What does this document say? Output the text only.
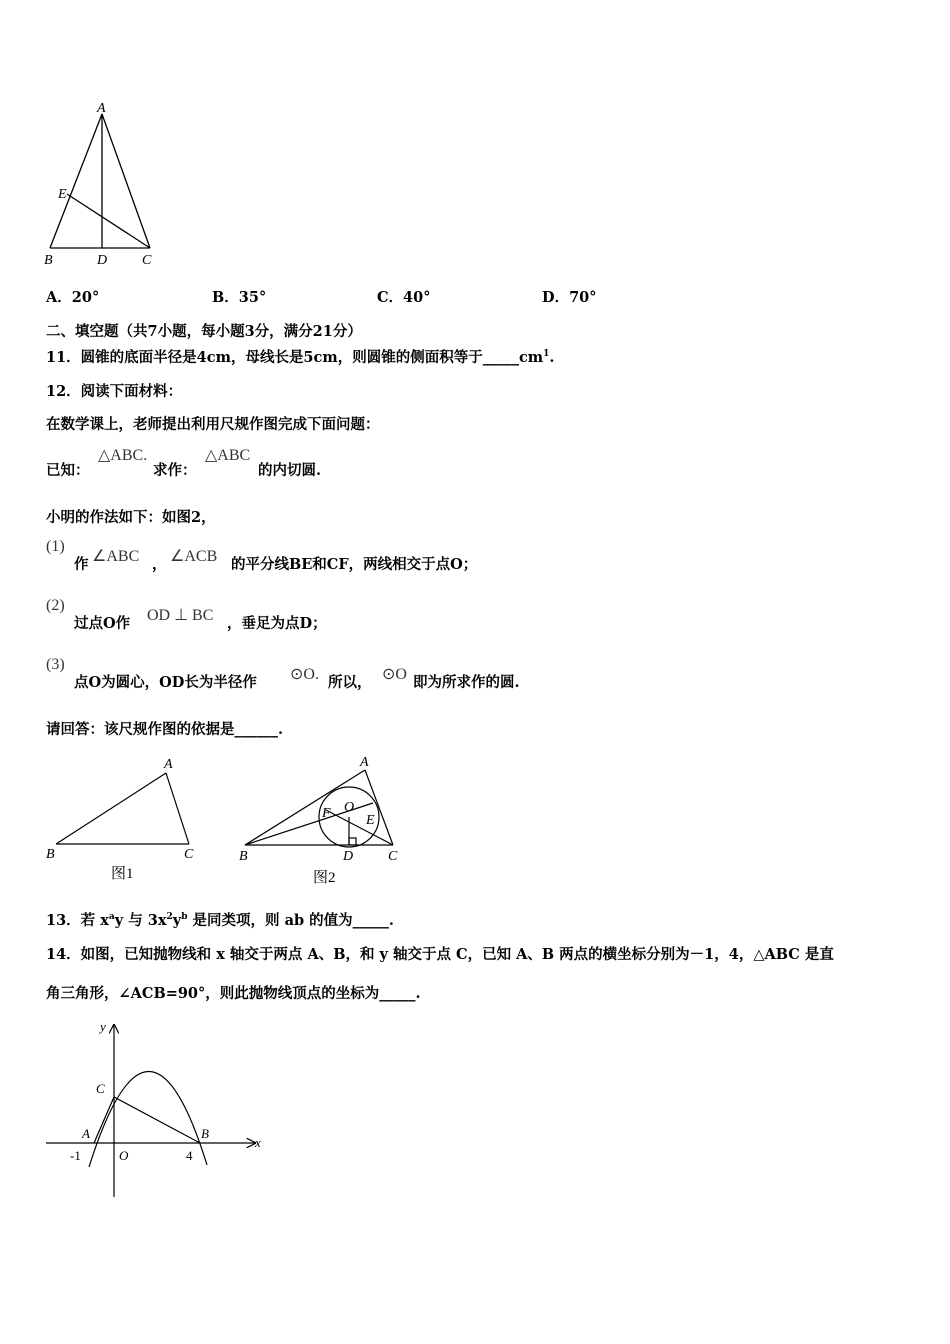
A
E
B	D C
A．20°	B．35°	C．40°	D．70°
二、填空题（共7小题，每小题3分，满分21分）
11．圆锥的底面半径是4cm，母线长是5cm，则圆锥的侧面积等于$\_\_\_\_\_cm^1$.
12．阅读下面材料：
在数学课上，老师提出利用尺规作图完成下面问题：
已知：
△ABC.
求作：
△ABC
的内切圆.
小明的作法如下：如图2，
(1)
作 ∠ABC ， ∠ACB 的平分线BE和CF，两线相交于点O；
(2)
过点O作 OD ⊥ BC ，垂足为点D；
(3)
点O为圆心，OD长为半径作 ⊙O. 所以， ⊙O 即为所求作的圆.
请回答：该尺规作图的依据是______.
A
B	C
A
B	C
D
E
F O
图1	图2
13．若 $x^ay$ 与 $3x^2y^b$ 是同类项，则 ab 的值为_____.
14．如图，已知抛物线和 x 轴交于两点 A、B，和 y 轴交于点 C，已知 A、B 两点的横坐标分别为－1，4，△ABC 是直
角三角形，∠ACB=90°，则此抛物线顶点的坐标为_____.
y
x
C
A	B
O
-1	4
